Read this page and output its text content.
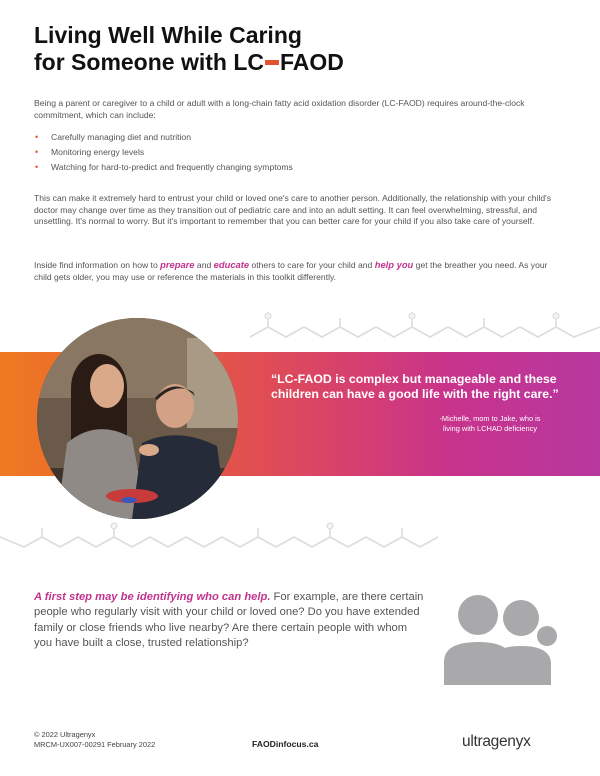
Living Well While Caring
for Someone with LC FAOD

Being a parent or caregiver to a child or adult with a long-chain fatty acid oxidation disorder (LC-FAOD) requires around-the-clock commitment, which can include:

• Carefully managing diet and nutrition
• Monitoring energy levels
• Watching for hard-to-predict and frequently changing symptoms

This can make it extremely hard to entrust your child or loved one's care to another person. Additionally, the relationship with your child's doctor may change over time as they transition out of pediatric care and into an adult setting. It can feel overwhelming, stressful, and unsettling. It's normal to worry. But it's important to remember that you can better care for your child if you also take care of yourself.

Inside find information on how to prepare and educate others to care for your child and help you get the breather you need. As your child gets older, you may use or reference the materials in this toolkit differently.

“LC-FAOD is complex but manageable and these children can have a good life with the right care.”

-Michelle, mom to Jake, who is
living with LCHAD deficiency

A first step may be identifying who can help. For example, are there certain people who regularly visit with your child or loved one? Do you have extended family or close friends who live nearby? Are there certain people with whom you have built a close, trusted relationship?

© 2022 Ultragenyx
MRCM-UX007-00291 February 2022	FAODinfocus.ca	ultragenyx
